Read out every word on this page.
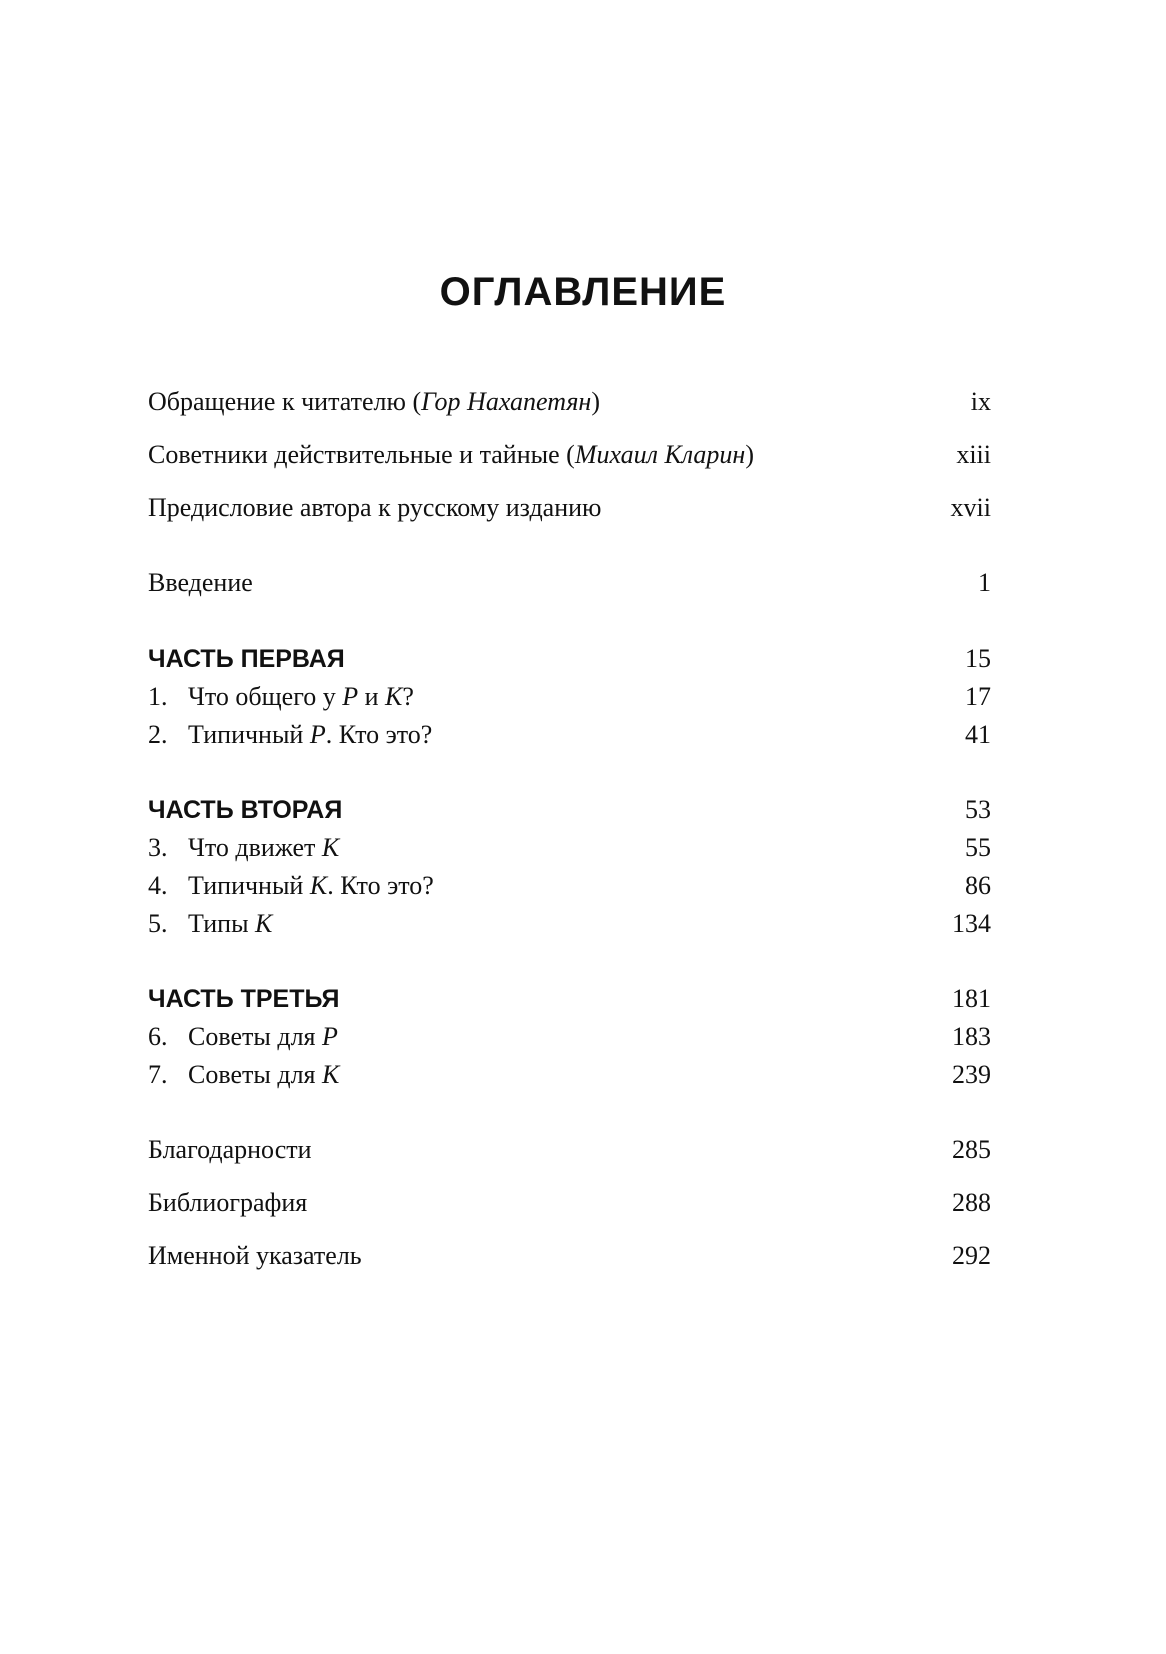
ОГЛАВЛЕНИЕ
Обращение к читателю (Гор Нахапетян)	ix
Советники действительные и тайные (Михаил Кларин)	xiii
Предисловие автора к русскому изданию	xvii
Введение	1
ЧАСТЬ ПЕРВАЯ	15
1. Что общего у P и K?	17
2. Типичный P. Кто это?	41
ЧАСТЬ ВТОРАЯ	53
3. Что движет K	55
4. Типичный K. Кто это?	86
5. Типы K	134
ЧАСТЬ ТРЕТЬЯ	181
6. Советы для P	183
7. Советы для K	239
Благодарности	285
Библиография	288
Именной указатель	292
